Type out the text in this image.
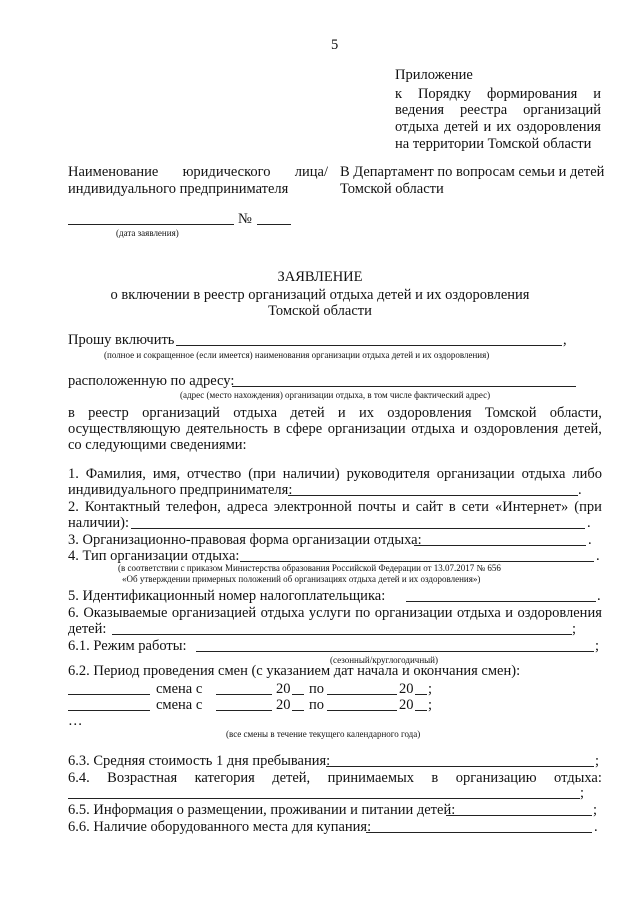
5
Приложение
к Порядку формирования и
ведения реестра организаций
отдыха детей и их оздоровления
на территории Томской области
Наименование юридического лица/
индивидуального предпринимателя
В Департамент по вопросам семьи и детей
Томской области
№
(дата заявления)
ЗАЯВЛЕНИЕ
о включении в реестр организаций отдыха детей и их оздоровления
Томской области
Прошу включить	,
(полное и сокращенное (если имеется) наименования организации отдыха детей и их оздоровления)
расположенную по адресу:
(адрес (место нахождения) организации отдыха, в том числе фактический адрес)
в реестр организаций отдыха детей и их оздоровления Томской области,
осуществляющую деятельность в сфере организации отдыха и оздоровления детей,
со следующими сведениями:
1. Фамилия, имя, отчество (при наличии) руководителя организации отдыха либо
индивидуального предпринимателя:	.
2. Контактный телефон, адреса электронной почты и сайт в сети «Интернет» (при
наличии):	.
3. Организационно-правовая форма организации отдыха:	.
4. Тип организации отдыха:	.
(в соответствии с приказом Министерства образования Российской Федерации от 13.07.2017 № 656
«Об утверждении примерных положений об организациях отдыха детей и их оздоровления»)
5. Идентификационный номер налогоплательщика:	.
6. Оказываемые организацией отдыха услуги по организации отдыха и оздоровления
детей:	;
6.1. Режим работы:	;
(сезонный/круглогодичный)
6.2. Период проведения смен (с указанием дат начала и окончания смен):
смена с	20 по	20 ;
смена с	20 по	20 ;
…
(все смены в течение текущего календарного года)
6.3. Средняя стоимость 1 дня пребывания:	;
6.4. Возрастная категория детей, принимаемых в организацию отдыха:
;
6.5. Информация о размещении, проживании и питании детей:	;
6.6. Наличие оборудованного места для купания:	.
